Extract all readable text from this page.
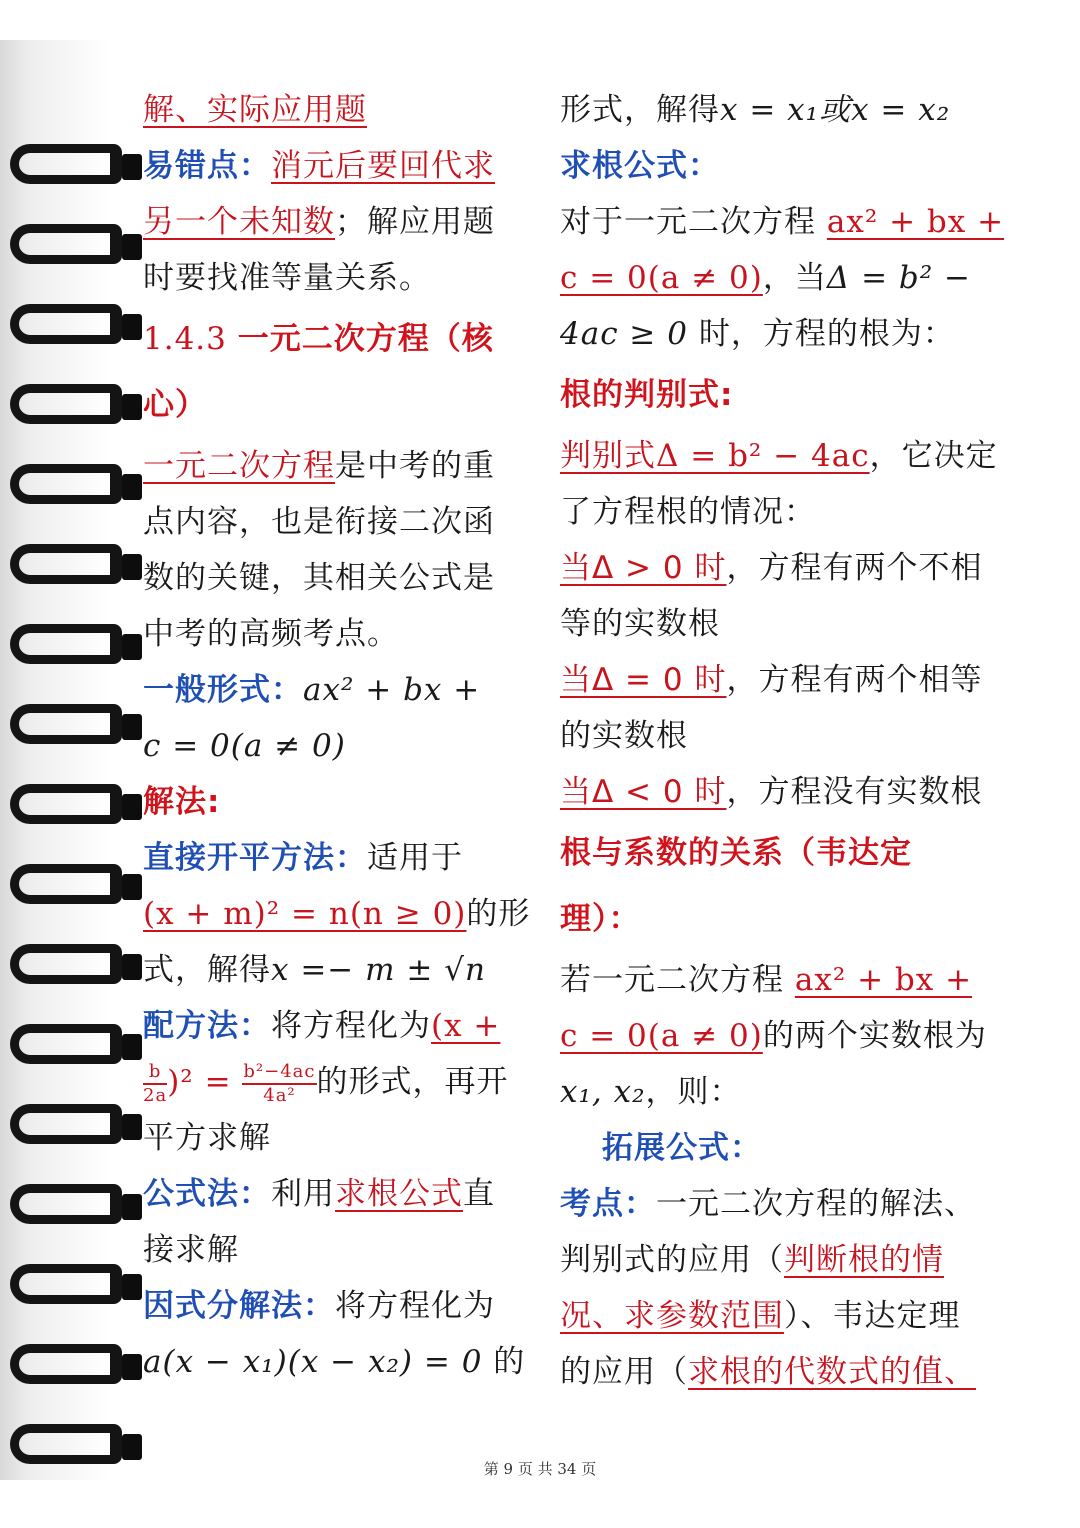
解、实际应用题
易错点：消元后要回代求
另一个未知数；解应用题
时要找准等量关系。
1.4.3 一元二次方程（核
心）
一元二次方程是中考的重
点内容，也是衔接二次函
数的关键，其相关公式是
中考的高频考点。
一般形式：ax² + bx +
c = 0(a ≠ 0)
解法:
直接开平方法：适用于
(x + m)² = n(n ≥ 0)的形
式，解得x =− m ± √n
配方法：将方程化为(x +
$\frac{b}{2a} )^2 = \frac{\text{b²−4ac}}{\text{4a²}}$ 的形式，再开
平方求解
公式法：利用求根公式直
接求解
因式分解法：将方程化为
a(x − x₁)(x − x₂) = 0 的
形式，解得x = x₁或x = x₂
求根公式：
对于一元二次方程 ax² + bx +
c = 0(a ≠ 0)，当Δ = b² −
4ac ≥ 0 时，方程的根为：
根的判别式:
判别式Δ = b² − 4ac，它决定
了方程根的情况：
当Δ > 0 时，方程有两个不相
等的实数根
当Δ = 0 时，方程有两个相等
的实数根
当Δ < 0 时，方程没有实数根
根与系数的关系（韦达定
理）：
若一元二次方程 ax² + bx +
c = 0(a ≠ 0)的两个实数根为
x₁, x₂，则：
拓展公式：
考点：一元二次方程的解法、
判别式的应用（判断根的情
况、求参数范围）、韦达定理
的应用（求根的代数式的值、
第 9 页 共 34 页
